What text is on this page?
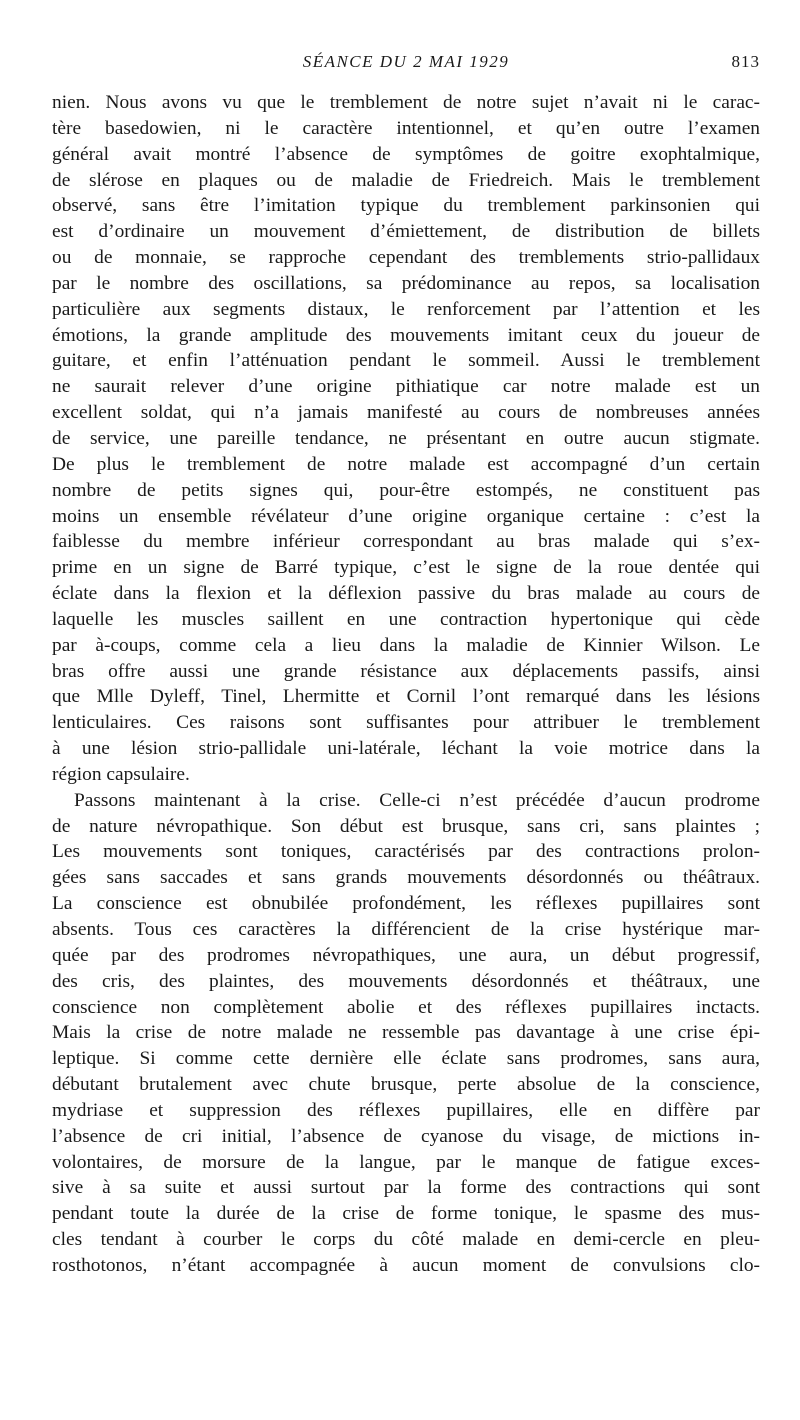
SÉANCE DU 2 MAI 1929	813
nien. Nous avons vu que le tremblement de notre sujet n’avait ni le carac-
tère basedowien, ni le caractère intentionnel, et qu’en outre l’examen
général avait montré l’absence de symptômes de goitre exophtalmique,
de slérose en plaques ou de maladie de Friedreich. Mais le tremblement
observé, sans être l’imitation typique du tremblement parkinsonien qui
est d’ordinaire un mouvement d’émiettement, de distribution de billets
ou de monnaie, se rapproche cependant des tremblements strio-pallidaux
par le nombre des oscillations, sa prédominance au repos, sa localisation
particulière aux segments distaux, le renforcement par l’attention et les
émotions, la grande amplitude des mouvements imitant ceux du joueur de
guitare, et enfin l’atténuation pendant le sommeil. Aussi le tremblement
ne saurait relever d’une origine pithiatique car notre malade est un
excellent soldat, qui n’a jamais manifesté au cours de nombreuses années
de service, une pareille tendance, ne présentant en outre aucun stigmate.
De plus le tremblement de notre malade est accompagné d’un certain
nombre de petits signes qui, pour-être estompés, ne constituent pas
moins un ensemble révélateur d’une origine organique certaine : c’est la
faiblesse du membre inférieur correspondant au bras malade qui s’ex-
prime en un signe de Barré typique, c’est le signe de la roue dentée qui
éclate dans la flexion et la déflexion passive du bras malade au cours de
laquelle les muscles saillent en une contraction hypertonique qui cède
par à-coups, comme cela a lieu dans la maladie de Kinnier Wilson. Le
bras offre aussi une grande résistance aux déplacements passifs, ainsi
que Mlle Dyleff, Tinel, Lhermitte et Cornil l’ont remarqué dans les lésions
lenticulaires. Ces raisons sont suffisantes pour attribuer le tremblement
à une lésion strio-pallidale uni-latérale, léchant la voie motrice dans la
région capsulaire.
Passons maintenant à la crise. Celle-ci n’est précédée d’aucun prodrome
de nature névropathique. Son début est brusque, sans cri, sans plaintes ;
Les mouvements sont toniques, caractérisés par des contractions prolon-
gées sans saccades et sans grands mouvements désordonnés ou théâtraux.
La conscience est obnubilée profondément, les réflexes pupillaires sont
absents. Tous ces caractères la différencient de la crise hystérique mar-
quée par des prodromes névropathiques, une aura, un début progressif,
des cris, des plaintes, des mouvements désordonnés et théâtraux, une
conscience non complètement abolie et des réflexes pupillaires inctacts.
Mais la crise de notre malade ne ressemble pas davantage à une crise épi-
leptique. Si comme cette dernière elle éclate sans prodromes, sans aura,
débutant brutalement avec chute brusque, perte absolue de la conscience,
mydriase et suppression des réflexes pupillaires, elle en diffère par
l’absence de cri initial, l’absence de cyanose du visage, de mictions in-
volontaires, de morsure de la langue, par le manque de fatigue exces-
sive à sa suite et aussi surtout par la forme des contractions qui sont
pendant toute la durée de la crise de forme tonique, le spasme des mus-
cles tendant à courber le corps du côté malade en demi-cercle en pleu-
rosthotonos, n’étant accompagnée à aucun moment de convulsions clo-
